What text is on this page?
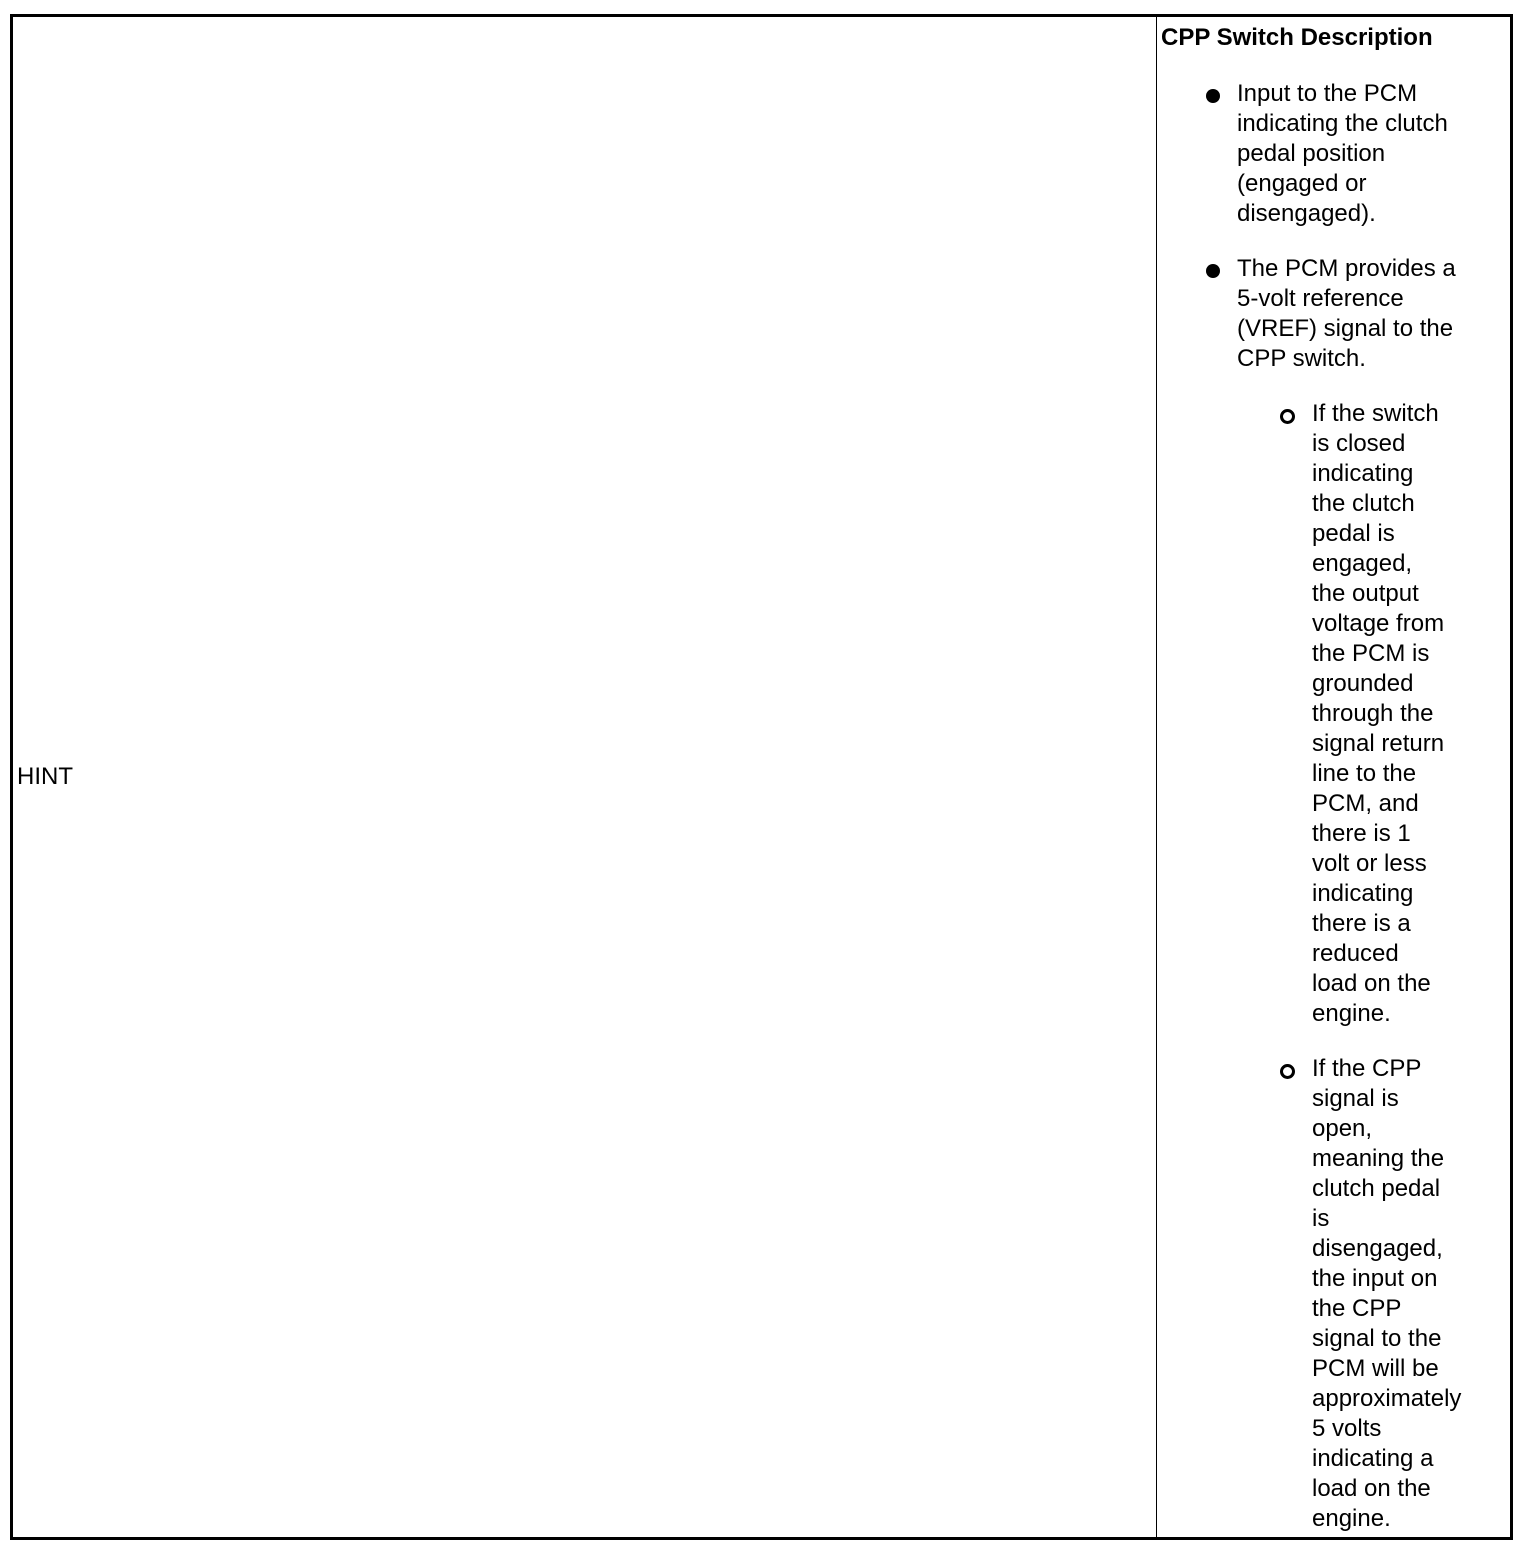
HINT
CPP Switch Description
Input to the PCM
indicating the clutch
pedal position
(engaged or
disengaged).
The PCM provides a
5-volt reference
(VREF) signal to the
CPP switch.
If the switch
is closed
indicating
the clutch
pedal is
engaged,
the output
voltage from
the PCM is
grounded
through the
signal return
line to the
PCM, and
there is 1
volt or less
indicating
there is a
reduced
load on the
engine.
If the CPP
signal is
open,
meaning the
clutch pedal
is
disengaged,
the input on
the CPP
signal to the
PCM will be
approximately
5 volts
indicating a
load on the
engine.
